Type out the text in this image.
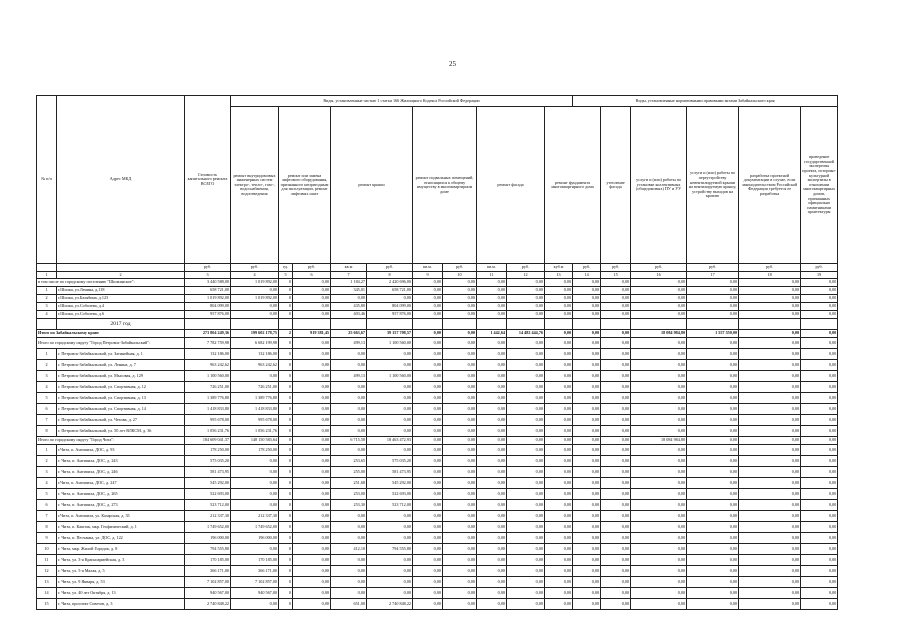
25
№ п/п	Адрес МКД	Стоимость капитального ремонта ВСЕГО	Виды, установленные частью 1 статьи 166 Жилищного Кодекса Российской Федерации										Виды, установленные нормативными правовыми актами Забайкальского края						
			ремонт внутридомовых инженерных систем электро-, тепло-, газо-, водоснабжения, водоотведения	ремонт или замена лифтового оборудования, признанного непригодным для эксплуатации, ремонт лифтовых шахт		ремонт крыши		ремонт подвальных помещений, относящихся к общему имуществу в многоквартирном доме		ремонт фасада		ремонт фундамента многоквартирного дома		утепление фасада	услуги и (или) работы по установке коллективных (общедомовых) ПУ и УУ	услуги и (или) работы по переустройству невентилируемой крыши на вентилируемую крышу, устройству выходов на кровлю	разработка проектной документации в случае, если законодательством Российской Федерации требуется ее разработка	проведение государственной экспертизы проекта, историко-культурной экспертизы в отношении многоквартирных домов, признанных официально памятниками архитектуры	
		руб.	руб.	ед.	руб.	кв.м	руб.	кв.м.	руб.	кв.м.	руб.	куб.м	руб.	руб.	руб.	руб.	руб.	руб.	
1	2	3	4	5	6	7	8	9	10	11	12	13	14	15	16	17	18	19	
в том числе по городскому поселению "Шилкинское":		3 440 588,00	1 019 892,00	0	0,00	1 184,27	2 420 696,00	0,00	0,00	0,00	0,00	0,00	0,00	0,00	0,00	0,00	0,00	0,00	
1	г.Шилка, ул.Ленина, д.118	658 721,00	0,00	0	0,00	345,01	658 721,00	0,00	0,00	0,00	0,00	0,00	0,00	0,00	0,00	0,00	0,00	0,00	
2	г.Шилка, ул.Балябина, д.123	1 019 892,00	1 019 892,00	0	0,00	0,00	0,00	0,00	0,00	0,00	0,00	0,00	0,00	0,00	0,00	0,00	0,00	0,00	
3	г.Шилка, ул.Соболева, д.4	804 099,00	0,00	0	0,00	435,80	804 099,00	0,00	0,00	0,00	0,00	0,00	0,00	0,00	0,00	0,00	0,00	0,00	
4	г.Шилка, ул.Соболева, д.6	957 876,00	0,00	0	0,00	403,46	957 876,00	0,00	0,00	0,00	0,00	0,00	0,00	0,00	0,00	0,00	0,00	0,00	
	2017 год																		
Итого по Забайкальскому краю:		273 804 249,36	199 602 178,75	2	919 381,45	25 663,67	39 157 708,57	0,00	0,00	1 442,64	14 482 444,76	0,00	0,00	0,00	18 084 984,80	1 557 550,00	0,00	0,00	
Итого по городскому округу "Город Петровск-Забайкальский":		7 782 759,98	6 682 199,98	0	0,00	499,13	1 100 560,00	0,00	0,00	0,00	0,00	0,00	0,00	0,00	0,00	0,00	0,00	0,00	
1	г. Петровск-Забайкальский, ул. Затинейная, д. 1	132 186,00	132 186,00	0	0,00	0,00	0,00	0,00	0,00	0,00	0,00	0,00	0,00	0,00	0,00	0,00	0,00	0,00	
2	г. Петровск-Забайкальский, ул. Ленина, д. 7	963 242,62	963 242,62	0	0,00	0,00	0,00	0,00	0,00	0,00	0,00	0,00	0,00	0,00	0,00	0,00	0,00	0,00	
3	г. Петровск-Забайкальский, ул. Мысовая, д. 129	1 100 560,00	0,00	0	0,00	499,13	1 100 560,00	0,00	0,00	0,00	0,00	0,00	0,00	0,00	0,00	0,00	0,00	0,00	
4	г. Петровск-Забайкальский, ул. Спортивная, д. 12	726 251,00	726 251,00	0	0,00	0,00	0,00	0,00	0,00	0,00	0,00	0,00	0,00	0,00	0,00	0,00	0,00	0,00	
5	г. Петровск-Забайкальский, ул. Спортивная, д. 13	1 389 776,80	1 389 776,80	0	0,00	0,00	0,00	0,00	0,00	0,00	0,00	0,00	0,00	0,00	0,00	0,00	0,00	0,00	
6	г. Петровск-Забайкальский, ул. Спортивная, д. 14	1 418 833,80	1 418 833,80	0	0,00	0,00	0,00	0,00	0,00	0,00	0,00	0,00	0,00	0,00	0,00	0,00	0,00	0,00	
7	г. Петровск-Забайкальский, ул. Чехова, д. 27	995 678,00	995 678,00	0	0,00	0,00	0,00	0,00	0,00	0,00	0,00	0,00	0,00	0,00	0,00	0,00	0,00	0,00	
8	г. Петровск-Забайкальский, ул. 50 лет ВЛКСМ, д. 36	1 056 231,76	1 056 231,76	0	0,00	0,00	0,00	0,00	0,00	0,00	0,00	0,00	0,00	0,00	0,00	0,00	0,00	0,00	
Итого по городскому округу "Город Чита":		184 609 041,37	148 150 583,64	0	0,00	6 715,58	18 463 472,93	0,00	0,00	0,00	0,00	0,00	0,00	0,00	18 084 984,80	0,00	0,00	0,00	
1	г.Чита, п. Антипиха, ДОС, д. 93	178 250,00	178 250,00	0	0,00	0,00	0,00	0,00	0,00	0,00	0,00	0,00	0,00	0,00	0,00	0,00	0,00	0,00	
2	г. Чита, п. Антипиха, ДОС, д. 243	575 035,20	0,00	0	0,00	253,65	575 035,20	0,00	0,00	0,00	0,00	0,00	0,00	0,00	0,00	0,00	0,00	0,00	
3	г. Чита, п. Антипиха, ДОС, д. 246	581 473,95	0,00	0	0,00	255,00	581 473,95	0,00	0,00	0,00	0,00	0,00	0,00	0,00	0,00	0,00	0,00	0,00	
4	г.Чита, п. Антипиха, ДОС, д. 247	545 292,00	0,00	0	0,00	251,68	545 292,00	0,00	0,00	0,00	0,00	0,00	0,00	0,00	0,00	0,00	0,00	0,00	
5	г. Чита, п. Антипиха, ДОС, д. 265	522 693,00	0,00	0	0,00	253,00	522 693,00	0,00	0,00	0,00	0,00	0,00	0,00	0,00	0,00	0,00	0,00	0,00	
6	г. Чита, п. Антипиха, ДОС, д. 273	523 712,00	0,00	0	0,00	253,30	523 712,00	0,00	0,00	0,00	0,00	0,00	0,00	0,00	0,00	0,00	0,00	0,00	
7	г.Чита, п. Антипиха, ул. Казарская, д. 35	212 337,30	212 337,30	0	0,00	0,00	0,00	0,00	0,00	0,00	0,00	0,00	0,00	0,00	0,00	0,00	0,00	0,00	
8	г. Чита, п. Каштак, мкр. Геофизический, д. 1	1 749 652,00	1 749 652,00	0	0,00	0,00	0,00	0,00	0,00	0,00	0,00	0,00	0,00	0,00	0,00	0,00	0,00	0,00	
9	г. Чита, п. Песчанка, ул. ДОС, д. 122	196 000,00	196 000,00	0	0,00	0,00	0,00	0,00	0,00	0,00	0,00	0,00	0,00	0,00	0,00	0,00	0,00	0,00	
10	г. Чита, мкр. Жилой Городок, д. 8	794 555,80	0,00	0	0,00	412,10	794 555,80	0,00	0,00	0,00	0,00	0,00	0,00	0,00	0,00	0,00	0,00	0,00	
11	г. Чита, ул. 3-я Красноармейская, д. 3	170 185,00	170 185,00	0	0,00	0,00	0,00	0,00	0,00	0,00	0,00	0,00	0,00	0,00	0,00	0,00	0,00	0,00	
12	г. Чита, ул. 5-я Малая, д. 5	366 171,00	366 171,00	0	0,00	0,00	0,00	0,00	0,00	0,00	0,00	0,00	0,00	0,00	0,00	0,00	0,00	0,00	
13	г. Чита, ул. 9 Января, д. 53	7 102 857,00	7 102 857,00	0	0,00	0,00	0,00	0,00	0,00	0,00	0,00	0,00	0,00	0,00	0,00	0,00	0,00	0,00	
14	г. Чита, ул. 40 лет Октября, д. 13	940 567,00	940 567,00	0	0,00	0,00	0,00	0,00	0,00	0,00	0,00	0,00	0,00	0,00	0,00	0,00	0,00	0,00	
15	г. Чита, проспект Советов, д. 3	2 740 848,22	0,00	0	0,00	651,00	2 740 848,22	0,00	0,00	0,00	0,00	0,00	0,00	0,00	0,00	0,00	0,00	0,00	
